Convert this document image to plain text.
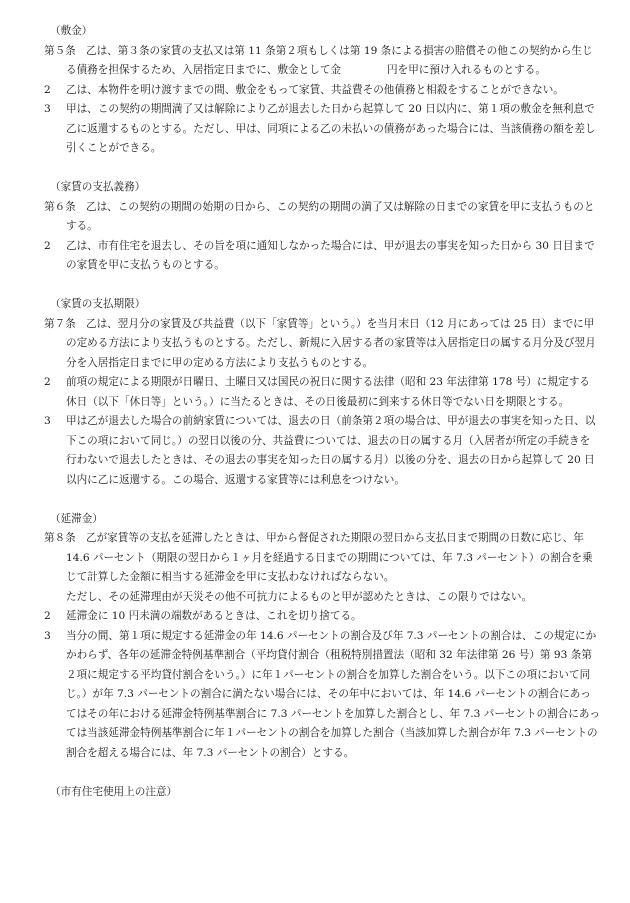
（敷金）

第５条 乙は、第３条の家賃の支払又は第 11 条第２項もしくは第 19 条による損害の賠償その他この契約から生じる債務を担保するため、入居指定日までに、敷金として金	円を甲に預け入れるものとする。

2 乙は、本物件を明け渡すまでの間、敷金をもって家賃、共益費その他債務と相殺をすることができない。

3 甲は、この契約の期間満了又は解除により乙が退去した日から起算して 20 日以内に、第１項の敷金を無利息で乙に返還するものとする。ただし、甲は、同項による乙の未払いの債務があった場合には、当該債務の額を差し引くことができる。

（家賃の支払義務）

第６条 乙は、この契約の期間の始期の日から、この契約の期間の満了又は解除の日までの家賃を甲に支払うものとする。

2 乙は、市有住宅を退去し、その旨を項に通知しなかった場合には、甲が退去の事実を知った日から 30 日目までの家賃を甲に支払うものとする。

（家賃の支払期限）

第７条 乙は、翌月分の家賃及び共益費（以下「家賃等」という。）を当月末日（12 月にあっては 25 日）までに甲の定める方法により支払うものとする。ただし、新規に入居する者の家賃等は入居指定日の属する月分及び翌月分を入居指定日までに甲の定める方法により支払うものとする。

2 前項の規定による期限が日曜日、土曜日又は国民の祝日に関する法律（昭和 23 年法律第 178 号）に規定する休日（以下「休日等」という。）に当たるときは、その日後最初に到来する休日等でない日を期限とする。

3 甲は乙が退去した場合の前納家賃については、退去の日（前条第２項の場合は、甲が退去の事実を知った日、以下この項において同じ。）の翌日以後の分、共益費については、退去の日の属する月（入居者が所定の手続きを行わないで退去したときは、その退去の事実を知った日の属する月）以後の分を、退去の日から起算して 20 日以内に乙に返還する。この場合、返還する家賃等には利息をつけない。

（延滞金）

第８条 乙が家賃等の支払を延滞したときは、甲から督促された期限の翌日から支払日まで期間の日数に応じ、年 14.6 パーセント（期限の翌日から１ヶ月を経過する日までの期間については、年 7.3 パーセント）の割合を乗じて計算した金額に相当する延滞金を甲に支払わなければならない。

ただし、その延滞理由が天災その他不可抗力によるものと甲が認めたときは、この限りではない。

2 延滞金に 10 円未満の端数があるときは、これを切り捨てる。

3 当分の間、第１項に規定する延滞金の年 14.6 パーセントの割合及び年 7.3 パーセントの割合は、この規定にかかわらず、各年の延滞金特例基準割合（平均貸付割合（租税特別措置法（昭和 32 年法律第 26 号）第 93 条第２項に規定する平均貸付割合をいう。）に年１パーセントの割合を加算した割合をいう。以下この項において同じ。）が年 7.3 パーセントの割合に満たない場合には、その年中においては、年 14.6 パーセントの割合にあってはその年における延滞金特例基準割合に 7.3 パーセントを加算した割合とし、年 7.3 パーセントの割合にあっては当該延滞金特例基準割合に年１パーセントの割合を加算した割合（当該加算した割合が年 7.3 パーセントの割合を超える場合には、年 7.3 パーセントの割合）とする。

（市有住宅使用上の注意）
